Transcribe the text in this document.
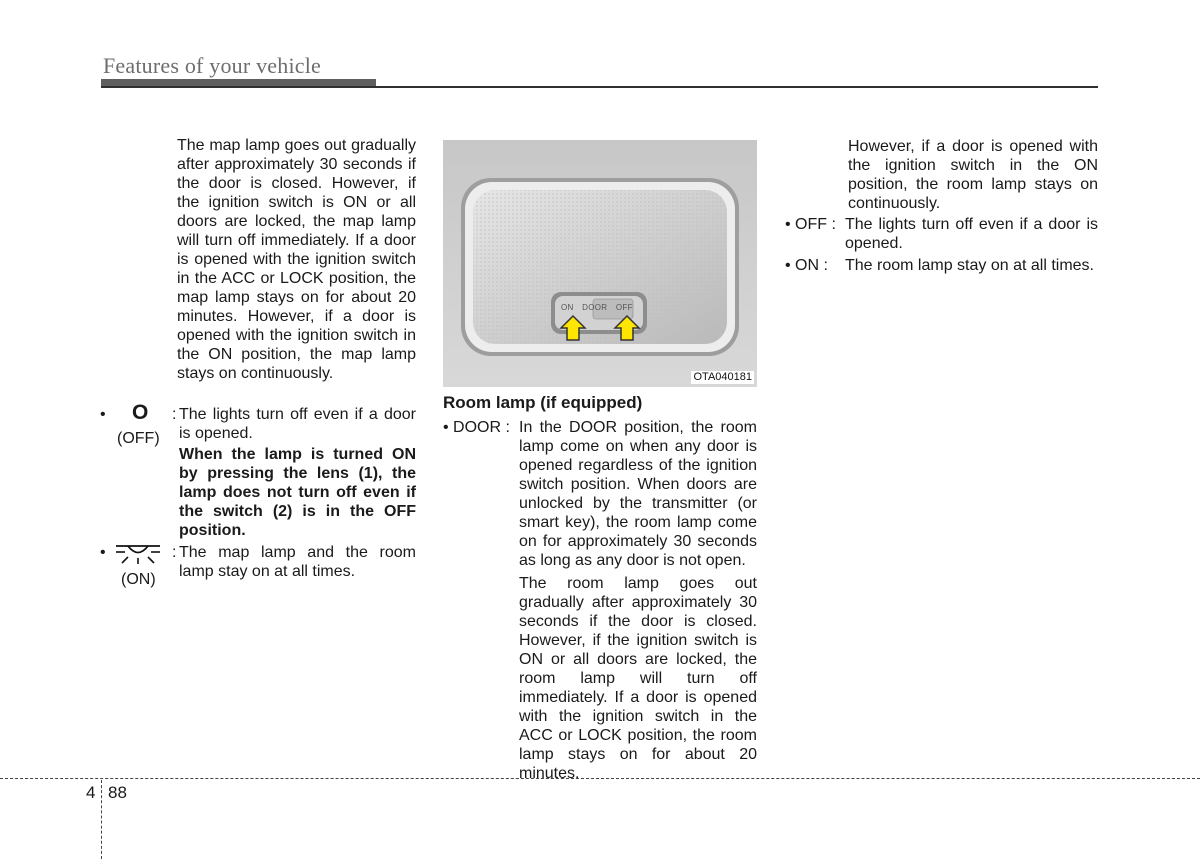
Features of your vehicle
The map lamp goes out gradually after approximately 30 seconds if the door is closed. However, if the ignition switch is ON or all doors are locked, the map lamp will turn off immediately. If a door is opened with the ignition switch in the ACC or LOCK position, the map lamp stays on for about 20 minutes. However, if a door is opened with the ignition switch in the ON position, the map lamp stays on continuously.
• O
(OFF)
: The lights turn off even if a door is opened.
When the lamp is turned ON by pressing the lens (1), the lamp does not turn off even if the switch (2) is in the OFF position.
•
(ON)
: The map lamp and the room lamp stay on at all times.
ON DOOR OFF
OTA040181
Room lamp (if equipped)
• DOOR : In the DOOR position, the room lamp come on when any door is opened regardless of the ignition switch position. When doors are unlocked by the transmitter (or smart key), the room lamp come on for approximately 30 seconds as long as any door is not open.

The room lamp goes out gradually after approximately 30 seconds if the door is closed. However, if the ignition switch is ON or all doors are locked, the room lamp will turn off immediately. If a door is opened with the ignition switch in the ACC or LOCK position, the room lamp stays on for about 20 minutes.

However, if a door is opened with the ignition switch in the ON position, the room lamp stays on continuously.
• OFF : The lights turn off even if a door is opened.
• ON : The room lamp stay on at all times.
4 88
